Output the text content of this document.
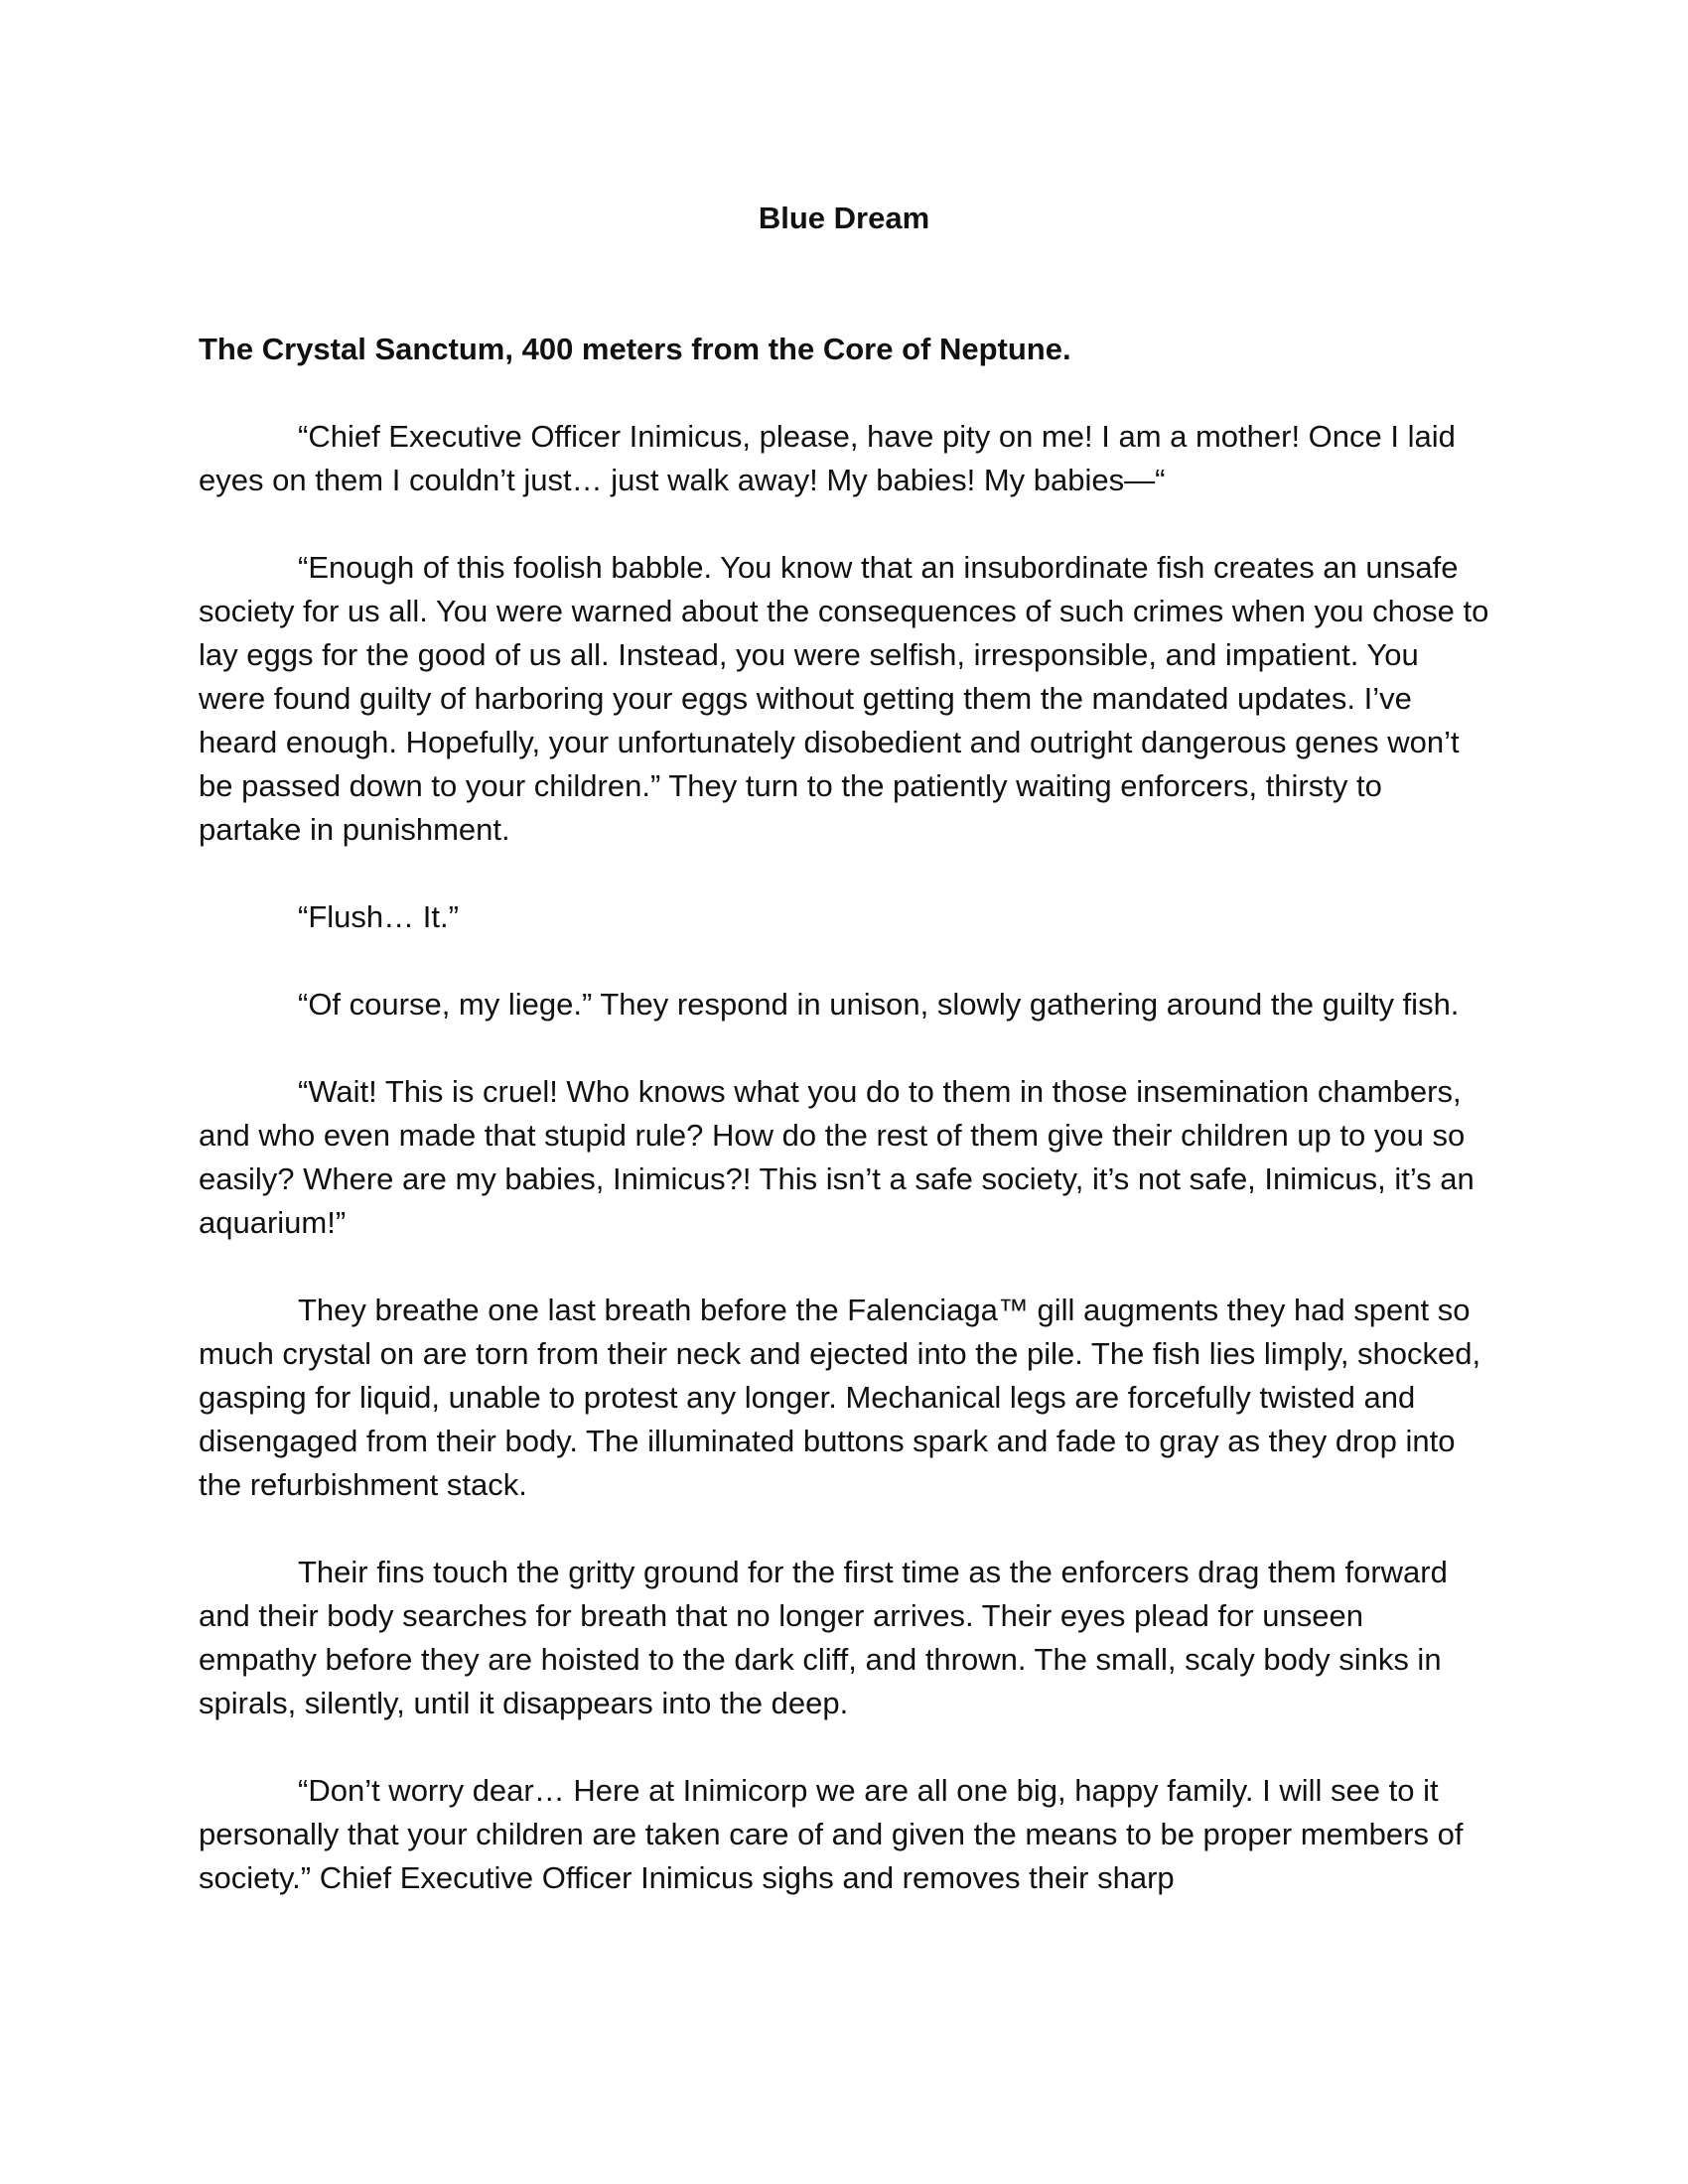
Blue Dream

The Crystal Sanctum, 400 meters from the Core of Neptune.

“Chief Executive Officer Inimicus, please, have pity on me! I am a mother! Once I laid eyes on them I couldn’t just… just walk away! My babies! My babies—“

“Enough of this foolish babble. You know that an insubordinate fish creates an unsafe society for us all. You were warned about the consequences of such crimes when you chose to lay eggs for the good of us all. Instead, you were selfish, irresponsible, and impatient. You were found guilty of harboring your eggs without getting them the mandated updates. I’ve heard enough. Hopefully, your unfortunately disobedient and outright dangerous genes won’t be passed down to your children.” They turn to the patiently waiting enforcers, thirsty to partake in punishment.

“Flush… It.”

“Of course, my liege.” They respond in unison, slowly gathering around the guilty fish.

“Wait! This is cruel! Who knows what you do to them in those insemination chambers, and who even made that stupid rule? How do the rest of them give their children up to you so easily? Where are my babies, Inimicus?! This isn’t a safe society, it’s not safe, Inimicus, it’s an aquarium!”

They breathe one last breath before the Falenciaga™ gill augments they had spent so much crystal on are torn from their neck and ejected into the pile. The fish lies limply, shocked, gasping for liquid, unable to protest any longer. Mechanical legs are forcefully twisted and disengaged from their body. The illuminated buttons spark and fade to gray as they drop into the refurbishment stack.

Their fins touch the gritty ground for the first time as the enforcers drag them forward and their body searches for breath that no longer arrives. Their eyes plead for unseen empathy before they are hoisted to the dark cliff, and thrown. The small, scaly body sinks in spirals, silently, until it disappears into the deep.

“Don’t worry dear… Here at Inimicorp we are all one big, happy family. I will see to it personally that your children are taken care of and given the means to be proper members of society.” Chief Executive Officer Inimicus sighs and removes their sharp
